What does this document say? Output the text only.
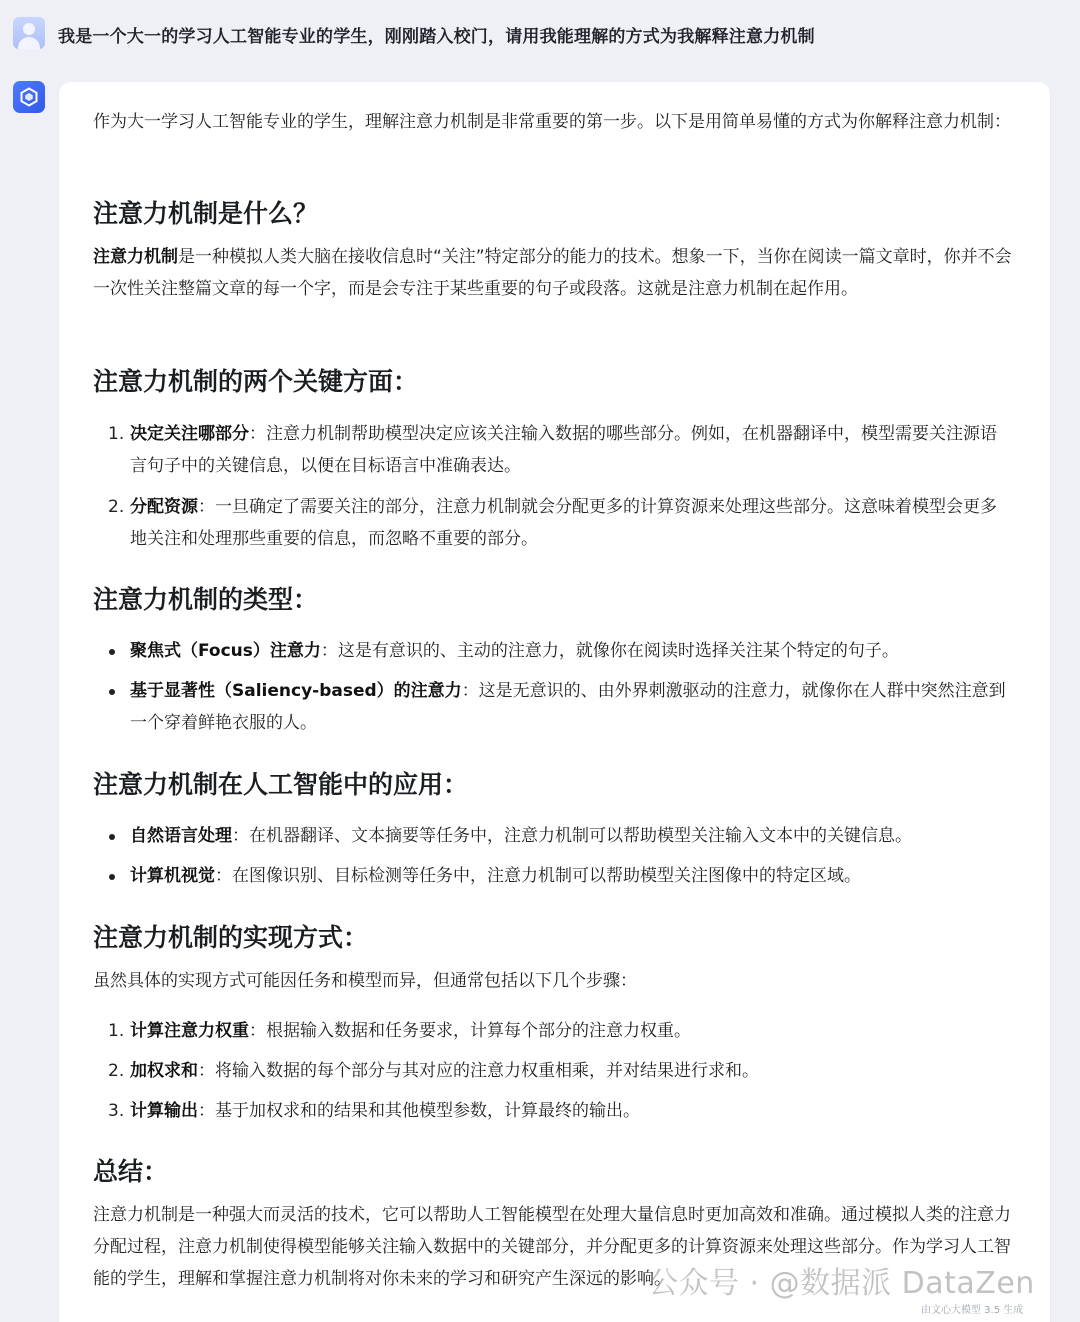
我是一个大一的学习人工智能专业的学生，刚刚踏入校门，请用我能理解的方式为我解释注意力机制

作为大一学习人工智能专业的学生，理解注意力机制是非常重要的第一步。以下是用简单易懂的方式为你解释注意力机制：

注意力机制是什么？

注意力机制是一种模拟人类大脑在接收信息时“关注”特定部分的能力的技术。想象一下，当你在阅读一篇文章时，你并不会一次性关注整篇文章的每一个字，而是会专注于某些重要的句子或段落。这就是注意力机制在起作用。

注意力机制的两个关键方面：
1. 决定关注哪部分：注意力机制帮助模型决定应该关注输入数据的哪些部分。例如，在机器翻译中，模型需要关注源语言句子中的关键信息，以便在目标语言中准确表达。
2. 分配资源：一旦确定了需要关注的部分，注意力机制就会分配更多的计算资源来处理这些部分。这意味着模型会更多地关注和处理那些重要的信息，而忽略不重要的部分。
注意力机制的类型：
聚焦式（Focus）注意力：这是有意识的、主动的注意力，就像你在阅读时选择关注某个特定的句子。
基于显著性（Saliency-based）的注意力：这是无意识的、由外界刺激驱动的注意力，就像你在人群中突然注意到一个穿着鲜艳衣服的人。
注意力机制在人工智能中的应用：
自然语言处理：在机器翻译、文本摘要等任务中，注意力机制可以帮助模型关注输入文本中的关键信息。
计算机视觉：在图像识别、目标检测等任务中，注意力机制可以帮助模型关注图像中的特定区域。
注意力机制的实现方式：

虽然具体的实现方式可能因任务和模型而异，但通常包括以下几个步骤：

1. 计算注意力权重：根据输入数据和任务要求，计算每个部分的注意力权重。
2. 加权求和：将输入数据的每个部分与其对应的注意力权重相乘，并对结果进行求和。
3. 计算输出：基于加权求和的结果和其他模型参数，计算最终的输出。
总结：

注意力机制是一种强大而灵活的技术，它可以帮助人工智能模型在处理大量信息时更加高效和准确。通过模拟人类的注意力分配过程，注意力机制使得模型能够关注输入数据中的关键部分，并分配更多的计算资源来处理这些部分。作为学习人工智能的学生，理解和掌握注意力机制将对你未来的学习和研究产生深远的影响。

公众号 · @数据派 DataZen
由文心大模型 3.5 生成
